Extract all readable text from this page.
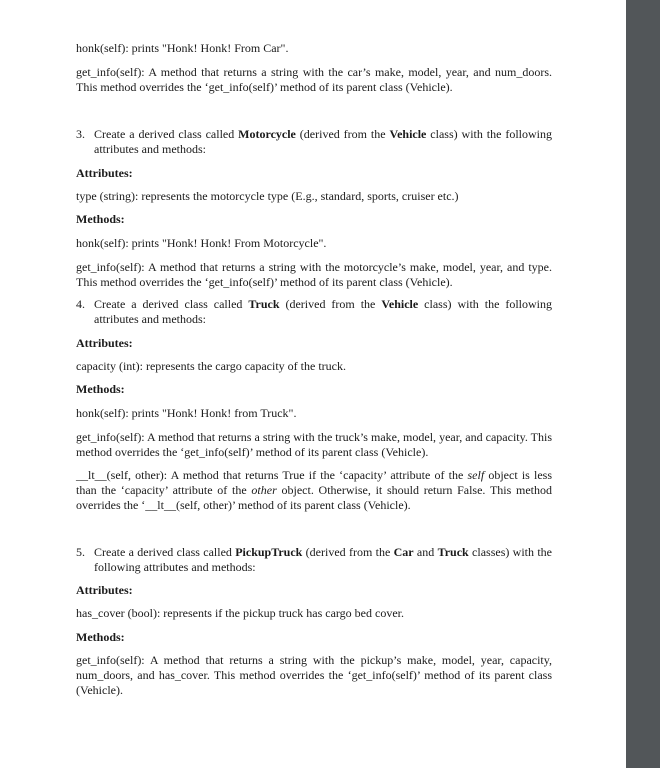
honk(self): prints "Honk! Honk! From Car".

get_info(self): A method that returns a string with the car’s make, model, year, and num_doors. This method overrides the ‘get_info(self)’ method of its parent class (Vehicle).

3. Create a derived class called Motorcycle (derived from the Vehicle class) with the following attributes and methods:

Attributes:

type (string): represents the motorcycle type (E.g., standard, sports, cruiser etc.)

Methods:

honk(self): prints "Honk! Honk! From Motorcycle".

get_info(self): A method that returns a string with the motorcycle’s make, model, year, and type. This method overrides the ‘get_info(self)’ method of its parent class (Vehicle).

4. Create a derived class called Truck (derived from the Vehicle class) with the following attributes and methods:

Attributes:

capacity (int): represents the cargo capacity of the truck.

Methods:

honk(self): prints "Honk! Honk! from Truck".

get_info(self): A method that returns a string with the truck’s make, model, year, and capacity. This method overrides the ‘get_info(self)’ method of its parent class (Vehicle).

__lt__(self, other): A method that returns True if the ‘capacity’ attribute of the self object is less than the ‘capacity’ attribute of the other object. Otherwise, it should return False. This method overrides the ‘__lt__(self, other)’ method of its parent class (Vehicle).

5. Create a derived class called PickupTruck (derived from the Car and Truck classes) with the following attributes and methods:

Attributes:

has_cover (bool): represents if the pickup truck has cargo bed cover.

Methods:

get_info(self): A method that returns a string with the pickup’s make, model, year, capacity, num_doors, and has_cover. This method overrides the ‘get_info(self)’ method of its parent class (Vehicle).
